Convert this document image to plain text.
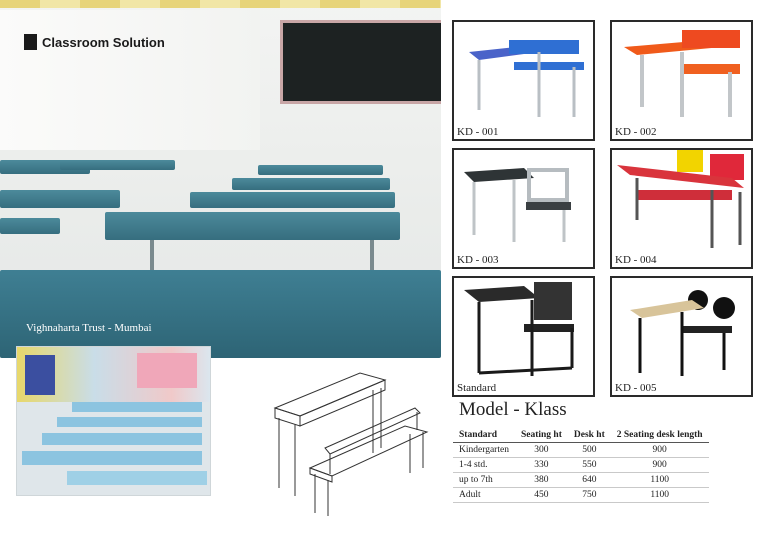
Classroom Solution
Vighnaharta Trust - Mumbai
KD - 001	KD - 002
KD - 003	KD - 004
Standard	KD - 005
Model - Klass
Standard	Seating ht	Desk ht	2 Seating desk length
Kindergarten	300	500	900
1-4 std.	330	550	900
up to 7th	380	640	1100
Adult	450	750	1100
